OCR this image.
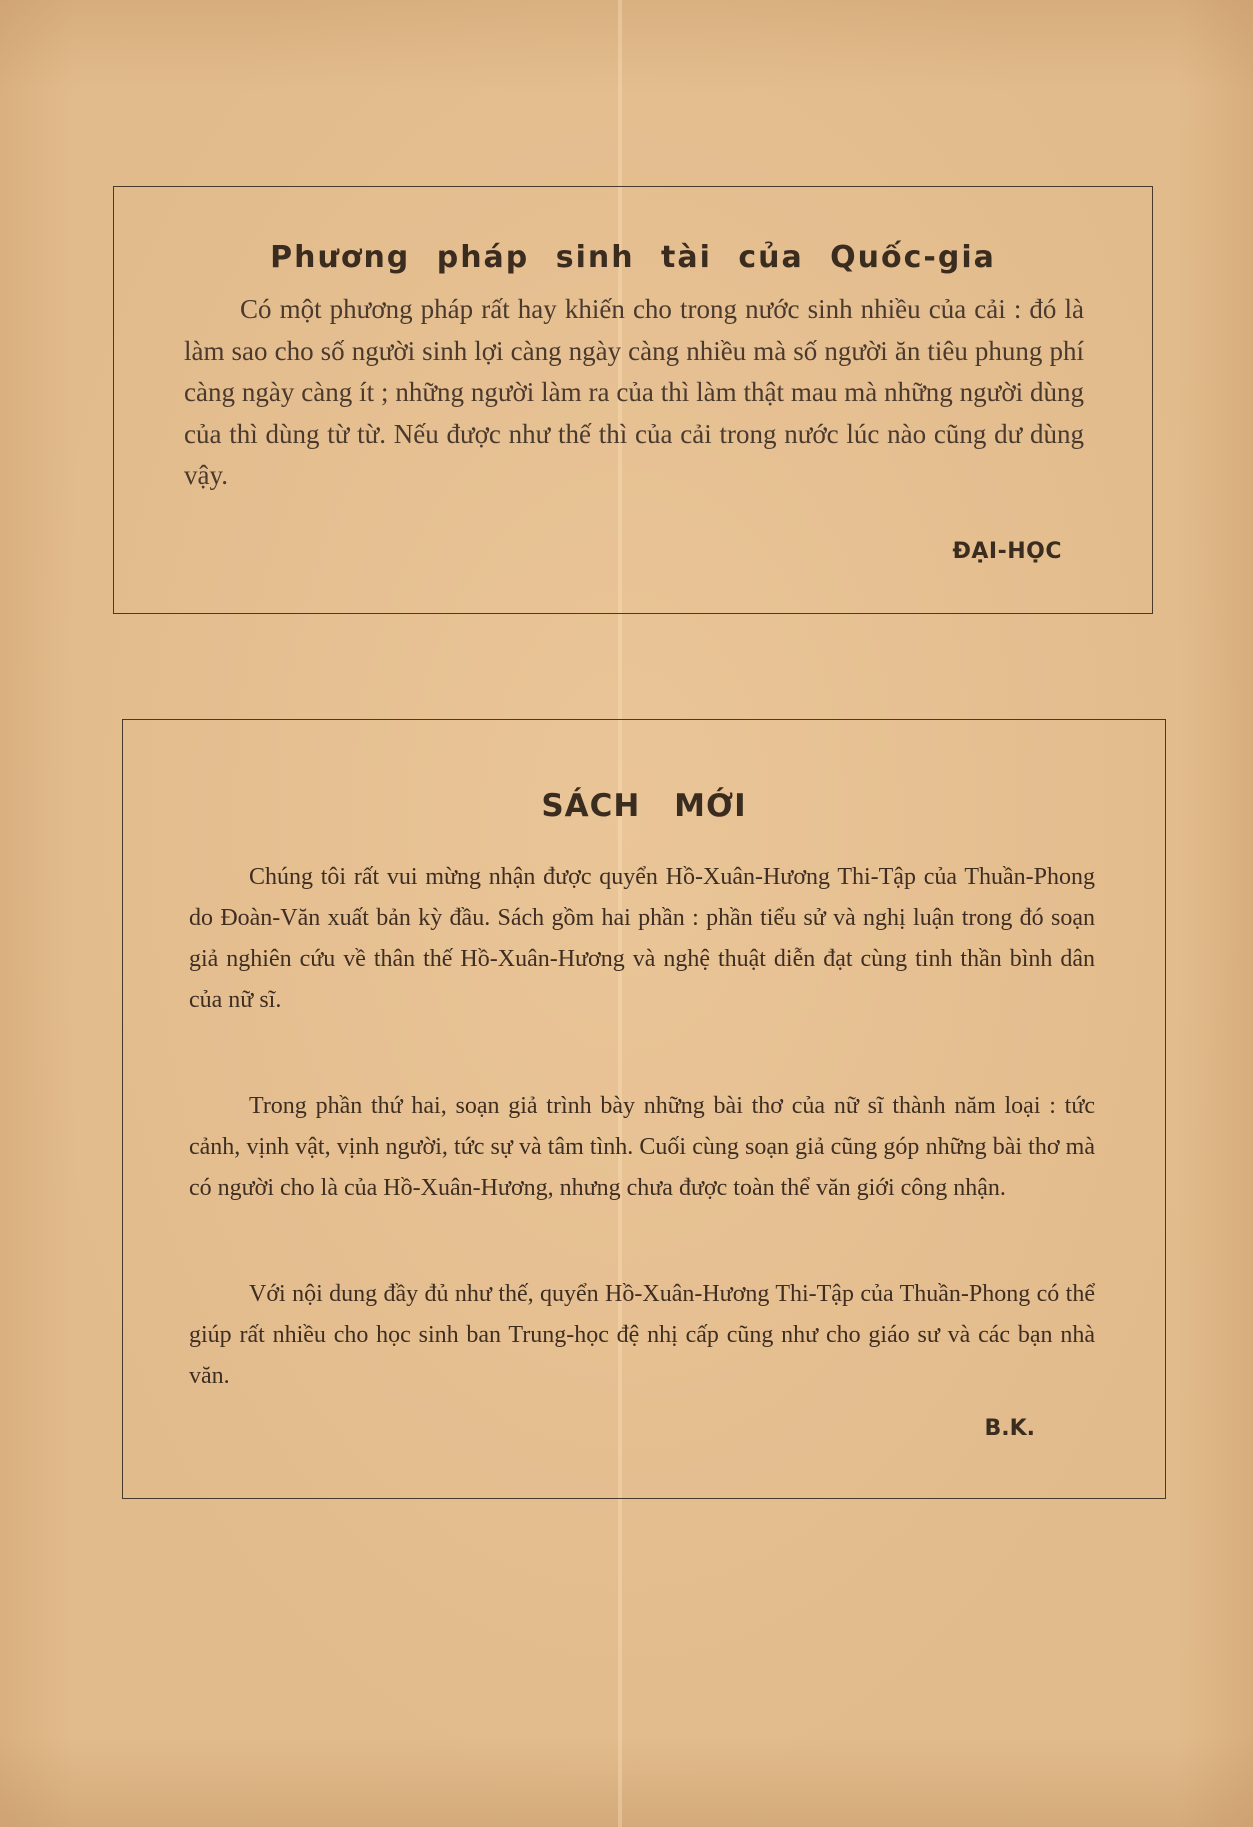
Phương pháp sinh tài của Quốc-gia
Có một phương pháp rất hay khiến cho trong nước sinh nhiều của cải : đó là làm sao cho số người sinh lợi càng ngày càng nhiều mà số người ăn tiêu phung phí càng ngày càng ít ; những người làm ra của thì làm thật mau mà những người dùng của thì dùng từ từ. Nếu được như thế thì của cải trong nước lúc nào cũng dư dùng vậy.
ĐẠI-HỌC
SÁCH MỚI
Chúng tôi rất vui mừng nhận được quyển Hồ-Xuân-Hương Thi-Tập của Thuần-Phong do Đoàn-Văn xuất bản kỳ đầu. Sách gồm hai phần : phần tiểu sử và nghị luận trong đó soạn giả nghiên cứu về thân thế Hồ-Xuân-Hương và nghệ thuật diễn đạt cùng tinh thần bình dân của nữ sĩ.
Trong phần thứ hai, soạn giả trình bày những bài thơ của nữ sĩ thành năm loại : tức cảnh, vịnh vật, vịnh người, tức sự và tâm tình. Cuối cùng soạn giả cũng góp những bài thơ mà có người cho là của Hồ-Xuân-Hương, nhưng chưa được toàn thể văn giới công nhận.
Với nội dung đầy đủ như thế, quyển Hồ-Xuân-Hương Thi-Tập của Thuần-Phong có thể giúp rất nhiều cho học sinh ban Trung-học đệ nhị cấp cũng như cho giáo sư và các bạn nhà văn.
B.K.
